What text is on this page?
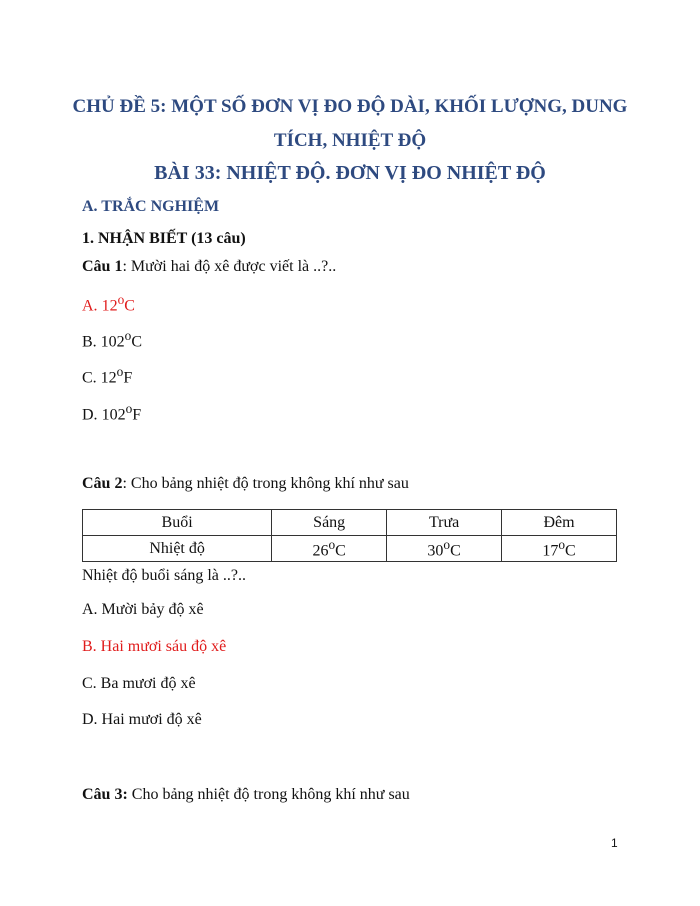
CHỦ ĐỀ 5: MỘT SỐ ĐƠN VỊ ĐO ĐỘ DÀI, KHỐI LƯỢNG, DUNG
TÍCH, NHIỆT ĐỘ
BÀI 33: NHIỆT ĐỘ. ĐƠN VỊ ĐO NHIỆT ĐỘ
A. TRẮC NGHIỆM
1. NHẬN BIẾT (13 câu)
Câu 1: Mười hai độ xê được viết là ..?..
A. 12$^o$C
B. 102$^o$C
C. 12$^o$F
D. 102$^o$F
Câu 2: Cho bảng nhiệt độ trong không khí như sau
Buổi	Sáng	Trưa	Đêm
Nhiệt độ	26$^o$C	30$^o$C	17$^o$C
Nhiệt độ buổi sáng là ..?..
A. Mười bảy độ xê
B. Hai mươi sáu độ xê
C. Ba mươi độ xê
D. Hai mươi độ xê
Câu 3: Cho bảng nhiệt độ trong không khí như sau
1
